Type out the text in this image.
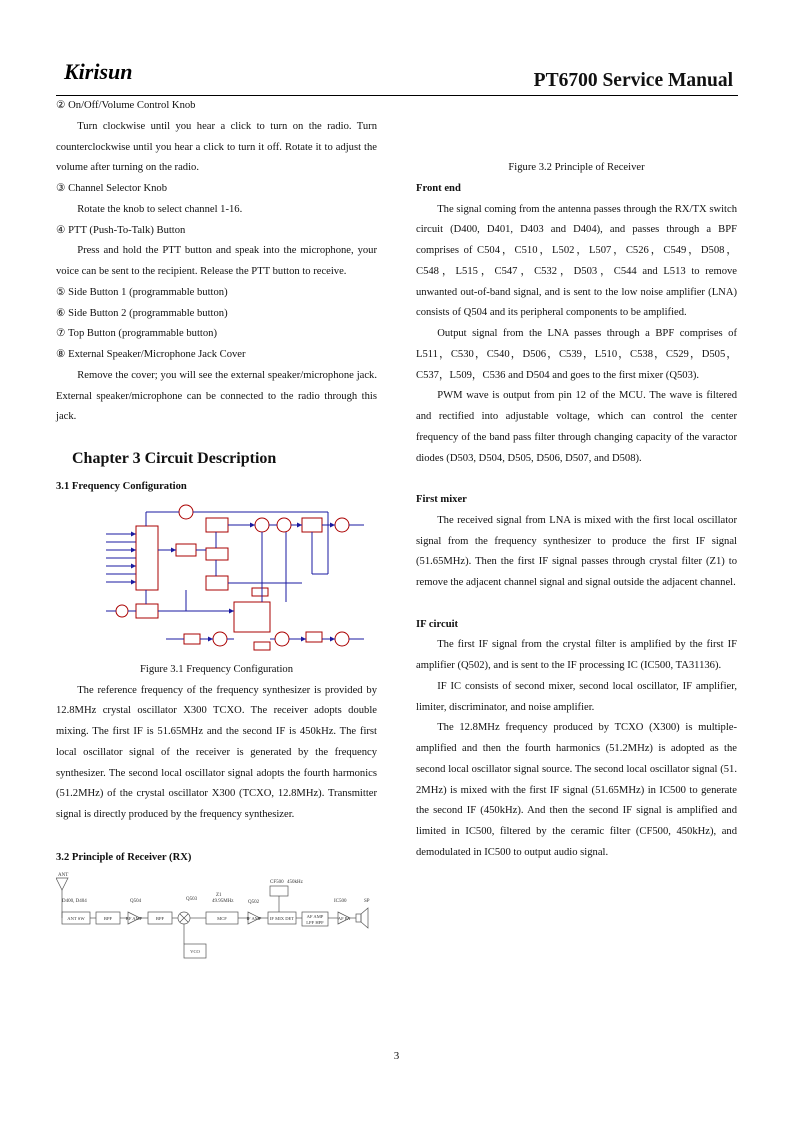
Kirisun	PT6700 Service Manual

② On/Off/Volume Control Knob

Turn clockwise until you hear a click to turn on the radio. Turn counterclockwise until you hear a click to turn it off. Rotate it to adjust the volume after turning on the radio.

③ Channel Selector Knob

Rotate the knob to select channel 1-16.

④ PTT (Push-To-Talk) Button

Press and hold the PTT button and speak into the microphone, your voice can be sent to the recipient. Release the PTT button to receive.

⑤ Side Button 1 (programmable button)

⑥ Side Button 2 (programmable button)

⑦ Top Button (programmable button)

⑧ External Speaker/Microphone Jack Cover

Remove the cover; you will see the external speaker/microphone jack. External speaker/microphone can be connected to the radio through this jack.

Chapter 3 Circuit Description

3.1 Frequency Configuration

Figure 3.1 Frequency Configuration

The reference frequency of the frequency synthesizer is provided by 12.8MHz crystal oscillator X300 TCXO. The receiver adopts double mixing. The first IF is 51.65MHz and the second IF is 450kHz. The first local oscillator signal of the receiver is generated by the frequency synthesizer. The second local oscillator signal adopts the fourth harmonics (51.2MHz) of the crystal oscillator X300 (TCXO, 12.8MHz). Transmitter signal is directly produced by the frequency synthesizer.

3.2 Principle of Receiver (RX)

ANT
D400, D404	Q504	Q503
Z1
49.95MHz	Q502
CF500 450kHz
IC500	SP
ANT SW	BPF	RF AMP	BPF	MCF	IF AMP IF MIX DET	AF AMP
LPF HPF
AF PA
VCO

Figure 3.2 Principle of Receiver

Front end

The signal coming from the antenna passes through the RX/TX switch circuit (D400, D401, D403 and D404), and passes through a BPF comprises of C504，C510，L502，L507，C526，C549，D508，C548，L515，C547，C532，D503，C544 and L513 to remove unwanted out-of-band signal, and is sent to the low noise amplifier (LNA) consists of Q504 and its peripheral components to be amplified.

Output signal from the LNA passes through a BPF comprises of L511，C530，C540，D506，C539，L510，C538，C529，D505，C537，L509，C536 and D504 and goes to the first mixer (Q503).

PWM wave is output from pin 12 of the MCU. The wave is filtered and rectified into adjustable voltage, which can control the center frequency of the band pass filter through changing capacity of the varactor diodes (D503, D504, D505, D506, D507, and D508).

First mixer

The received signal from LNA is mixed with the first local oscillator signal from the frequency synthesizer to produce the first IF signal (51.65MHz). Then the first IF signal passes through crystal filter (Z1) to remove the adjacent channel signal and signal outside the adjacent channel.

IF circuit

The first IF signal from the crystal filter is amplified by the first IF amplifier (Q502), and is sent to the IF processing IC (IC500, TA31136).

IF IC consists of second mixer, second local oscillator, IF amplifier, limiter, discriminator, and noise amplifier.

The 12.8MHz frequency produced by TCXO (X300) is multiple-amplified and then the fourth harmonics (51.2MHz) is adopted as the second local oscillator signal source. The second local oscillator signal (51. 2MHz) is mixed with the first IF signal (51.65MHz) in IC500 to generate the second IF (450kHz). And then the second IF signal is amplified and limited in IC500, filtered by the ceramic filter (CF500, 450kHz), and demodulated in IC500 to output audio signal.

3
